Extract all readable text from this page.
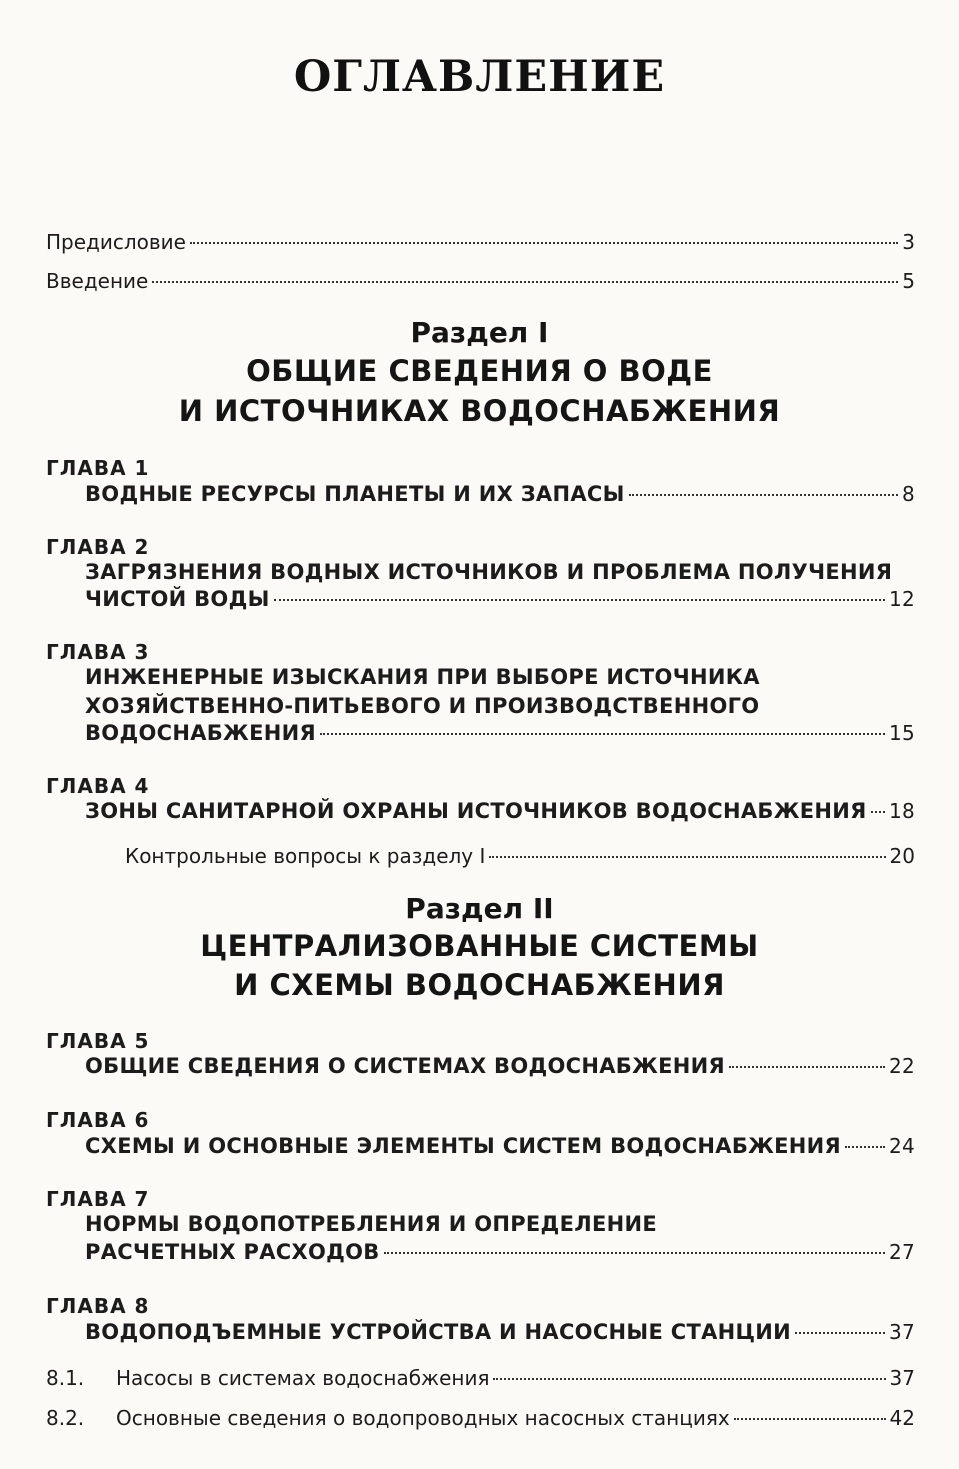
ОГЛАВЛЕНИЕ
Предисловие	3
Введение	5
Раздел I
ОБЩИЕ СВЕДЕНИЯ О ВОДЕ
И ИСТОЧНИКАХ ВОДОСНАБЖЕНИЯ
ГЛАВА 1
ВОДНЫЕ РЕСУРСЫ ПЛАНЕТЫ И ИХ ЗАПАСЫ	8
ГЛАВА 2
ЗАГРЯЗНЕНИЯ ВОДНЫХ ИСТОЧНИКОВ И ПРОБЛЕМА ПОЛУЧЕНИЯ
ЧИСТОЙ ВОДЫ	12
ГЛАВА 3
ИНЖЕНЕРНЫЕ ИЗЫСКАНИЯ ПРИ ВЫБОРЕ ИСТОЧНИКА
ХОЗЯЙСТВЕННО-ПИТЬЕВОГО И ПРОИЗВОДСТВЕННОГО
ВОДОСНАБЖЕНИЯ	15
ГЛАВА 4
ЗОНЫ САНИТАРНОЙ ОХРАНЫ ИСТОЧНИКОВ ВОДОСНАБЖЕНИЯ 18
Контрольные вопросы к разделу I	20
Раздел II
ЦЕНТРАЛИЗОВАННЫЕ СИСТЕМЫ
И СХЕМЫ ВОДОСНАБЖЕНИЯ
ГЛАВА 5
ОБЩИЕ СВЕДЕНИЯ О СИСТЕМАХ ВОДОСНАБЖЕНИЯ	22
ГЛАВА 6
СХЕМЫ И ОСНОВНЫЕ ЭЛЕМЕНТЫ СИСТЕМ ВОДОСНАБЖЕНИЯ 24
ГЛАВА 7
НОРМЫ ВОДОПОТРЕБЛЕНИЯ И ОПРЕДЕЛЕНИЕ
РАСЧЕТНЫХ РАСХОДОВ	27
ГЛАВА 8
ВОДОПОДЪЕМНЫЕ УСТРОЙСТВА И НАСОСНЫЕ СТАНЦИИ	37
8.1. Насосы в системах водоснабжения	37
8.2. Основные сведения о водопроводных насосных станциях	42
